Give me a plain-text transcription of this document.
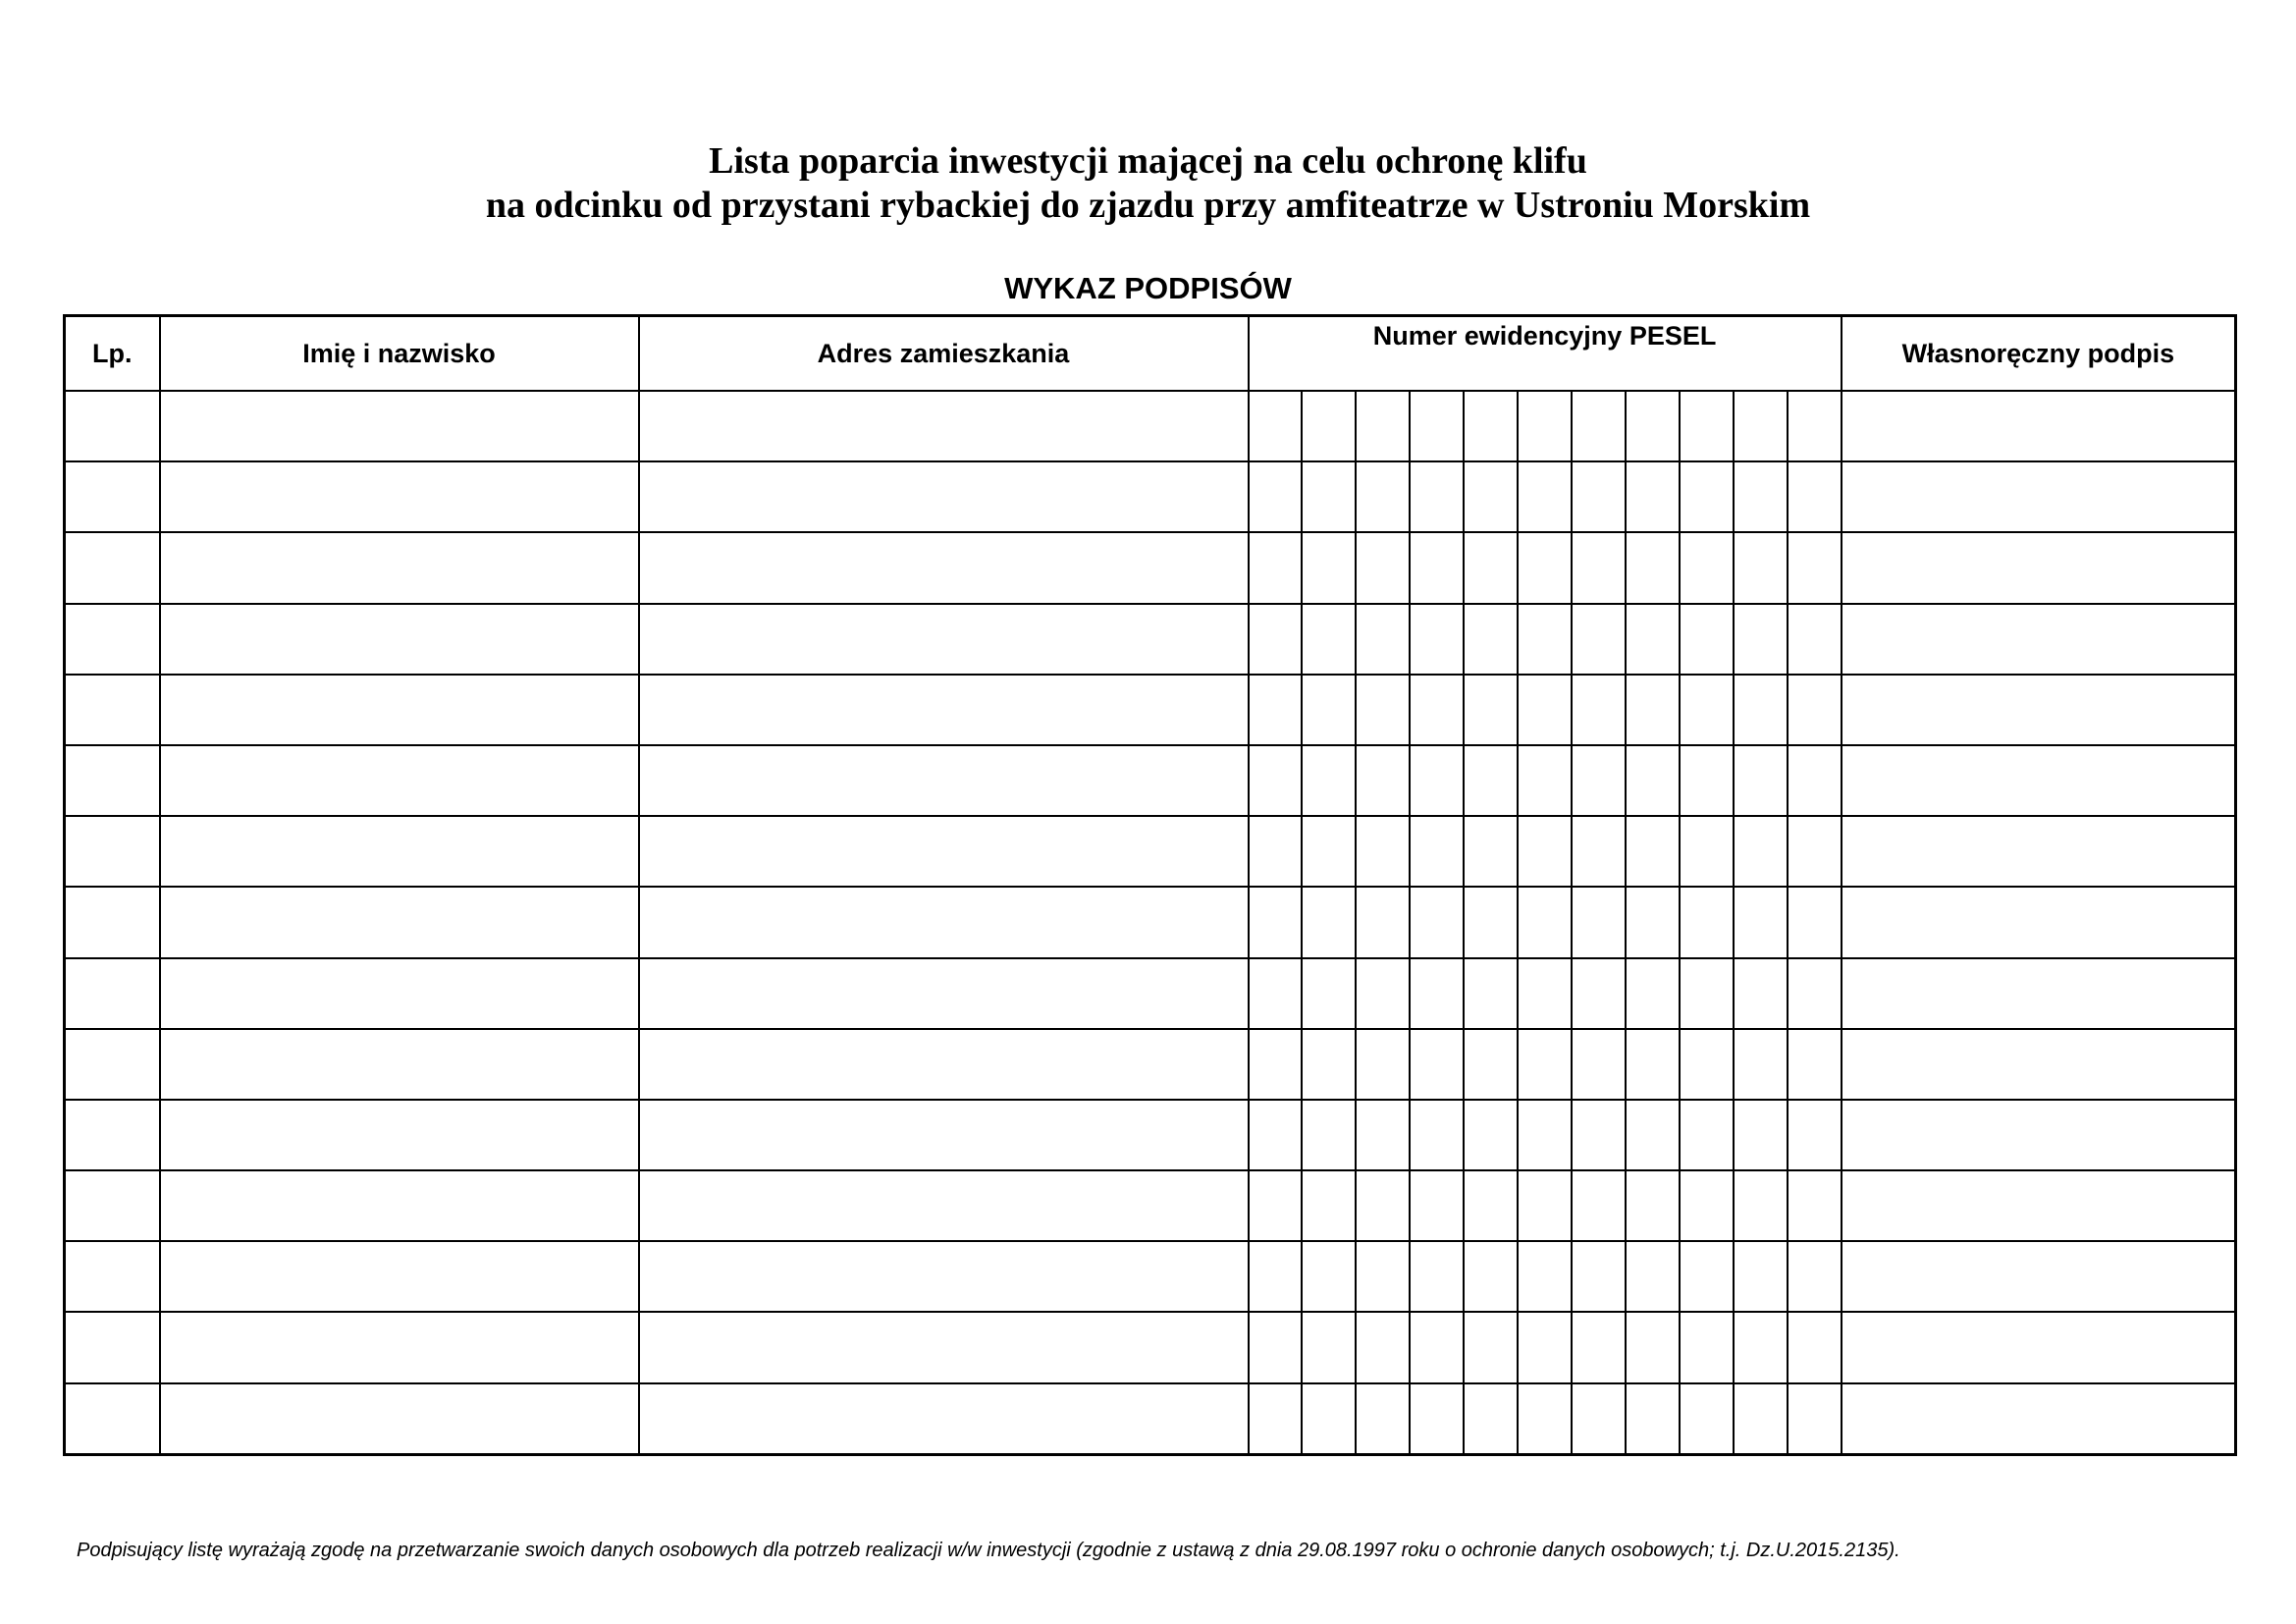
Lista poparcia inwestycji mającej na celu ochronę klifu
na odcinku od przystani rybackiej do zjazdu przy amfiteatrze w Ustroniu Morskim
WYKAZ PODPISÓW
Lp.	Imię i nazwisko	Adres zamieszkania	Numer ewidencyjny PESEL											Własnoręczny podpis

Podpisujący listę wyrażają zgodę na przetwarzanie swoich danych osobowych dla potrzeb realizacji w/w inwestycji (zgodnie z ustawą z dnia 29.08.1997 roku o ochronie danych osobowych; t.j. Dz.U.2015.2135).
